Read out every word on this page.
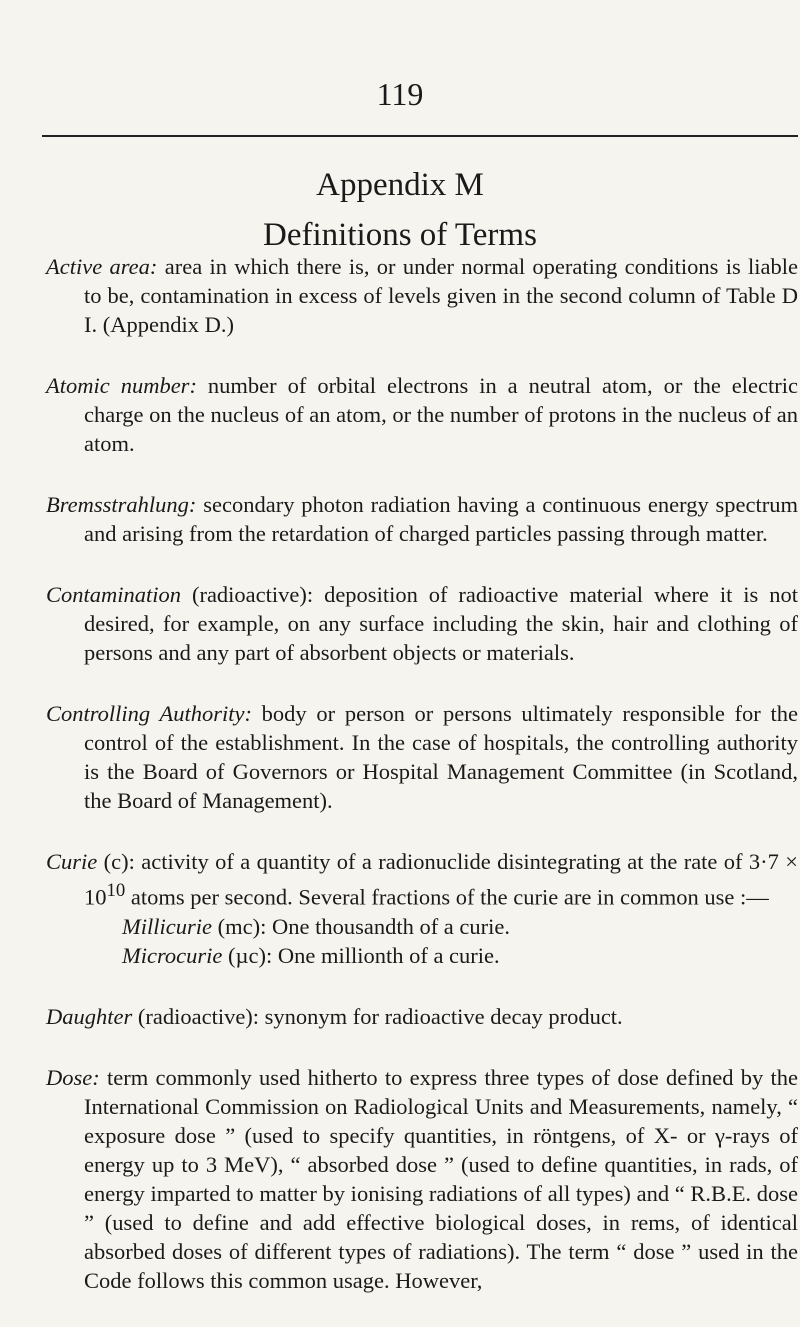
119
Appendix M
Definitions of Terms

Active area: area in which there is, or under normal operating conditions is liable to be, contamination in excess of levels given in the second column of Table D I. (Appendix D.)

Atomic number: number of orbital electrons in a neutral atom, or the electric charge on the nucleus of an atom, or the number of protons in the nucleus of an atom.

Bremsstrahlung: secondary photon radiation having a continuous energy spectrum and arising from the retardation of charged particles passing through matter.

Contamination (radioactive): deposition of radioactive material where it is not desired, for example, on any surface including the skin, hair and clothing of persons and any part of absorbent objects or materials.

Controlling Authority: body or person or persons ultimately responsible for the control of the establishment. In the case of hospitals, the controlling authority is the Board of Governors or Hospital Management Committee (in Scotland, the Board of Management).

Curie (c): activity of a quantity of a radionuclide disintegrating at the rate of $3\cdot 7 \times 10^{10}$ atoms per second. Several fractions of the curie are in common use :—

Millicurie (mc): One thousandth of a curie.

Microcurie (µc): One millionth of a curie.

Daughter (radioactive): synonym for radioactive decay product.

Dose: term commonly used hitherto to express three types of dose defined by the International Commission on Radiological Units and Measurements, namely, “ exposure dose ” (used to specify quantities, in röntgens, of X- or γ-rays of energy up to 3 MeV), “ absorbed dose ” (used to define quantities, in rads, of energy imparted to matter by ionising radiations of all types) and “ R.B.E. dose ” (used to define and add effective biological doses, in rems, of identical absorbed doses of different types of radiations). The term “ dose ” used in the Code follows this common usage. However,
